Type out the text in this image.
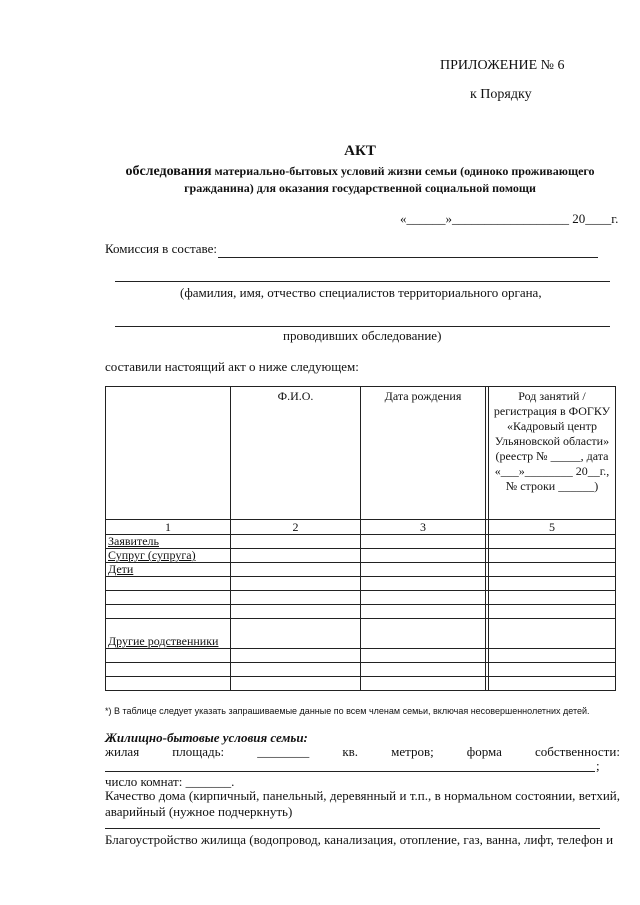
ПРИЛОЖЕНИЕ № 6
к Порядку
АКТ
обследования материально-бытовых условий жизни семьи (одиноко проживающего
гражданина) для оказания государственной социальной помощи
«______»__________________ 20____г.
Комиссия в составе:
(фамилия, имя, отчество специалистов территориального органа,
проводивших обследование)
составили настоящий акт о ниже следующем:
	Ф.И.О.	Дата рождения		Род занятий / регистрация в ФОГКУ «Кадровый центр Ульяновской области» (реестр № _____, дата «___»________ 20__г., № строки ______)
1	2	3		5
Заявитель				
Супруг (супруга)				
Дети				

Другие родственники				

*) В таблице следует указать запрашиваемые данные по всем членам семьи, включая несовершеннолетних детей.
Жилищно-бытовые условия семьи:
жилая	площадь:	________	кв.	метров;	форма	собственности:
;
число комнат: _______.
Качество дома (кирпичный, панельный, деревянный и т.п., в нормальном состоянии, ветхий, аварийный (нужное подчеркнуть)
Благоустройство жилища (водопровод, канализация, отопление, газ, ванна, лифт, телефон и
